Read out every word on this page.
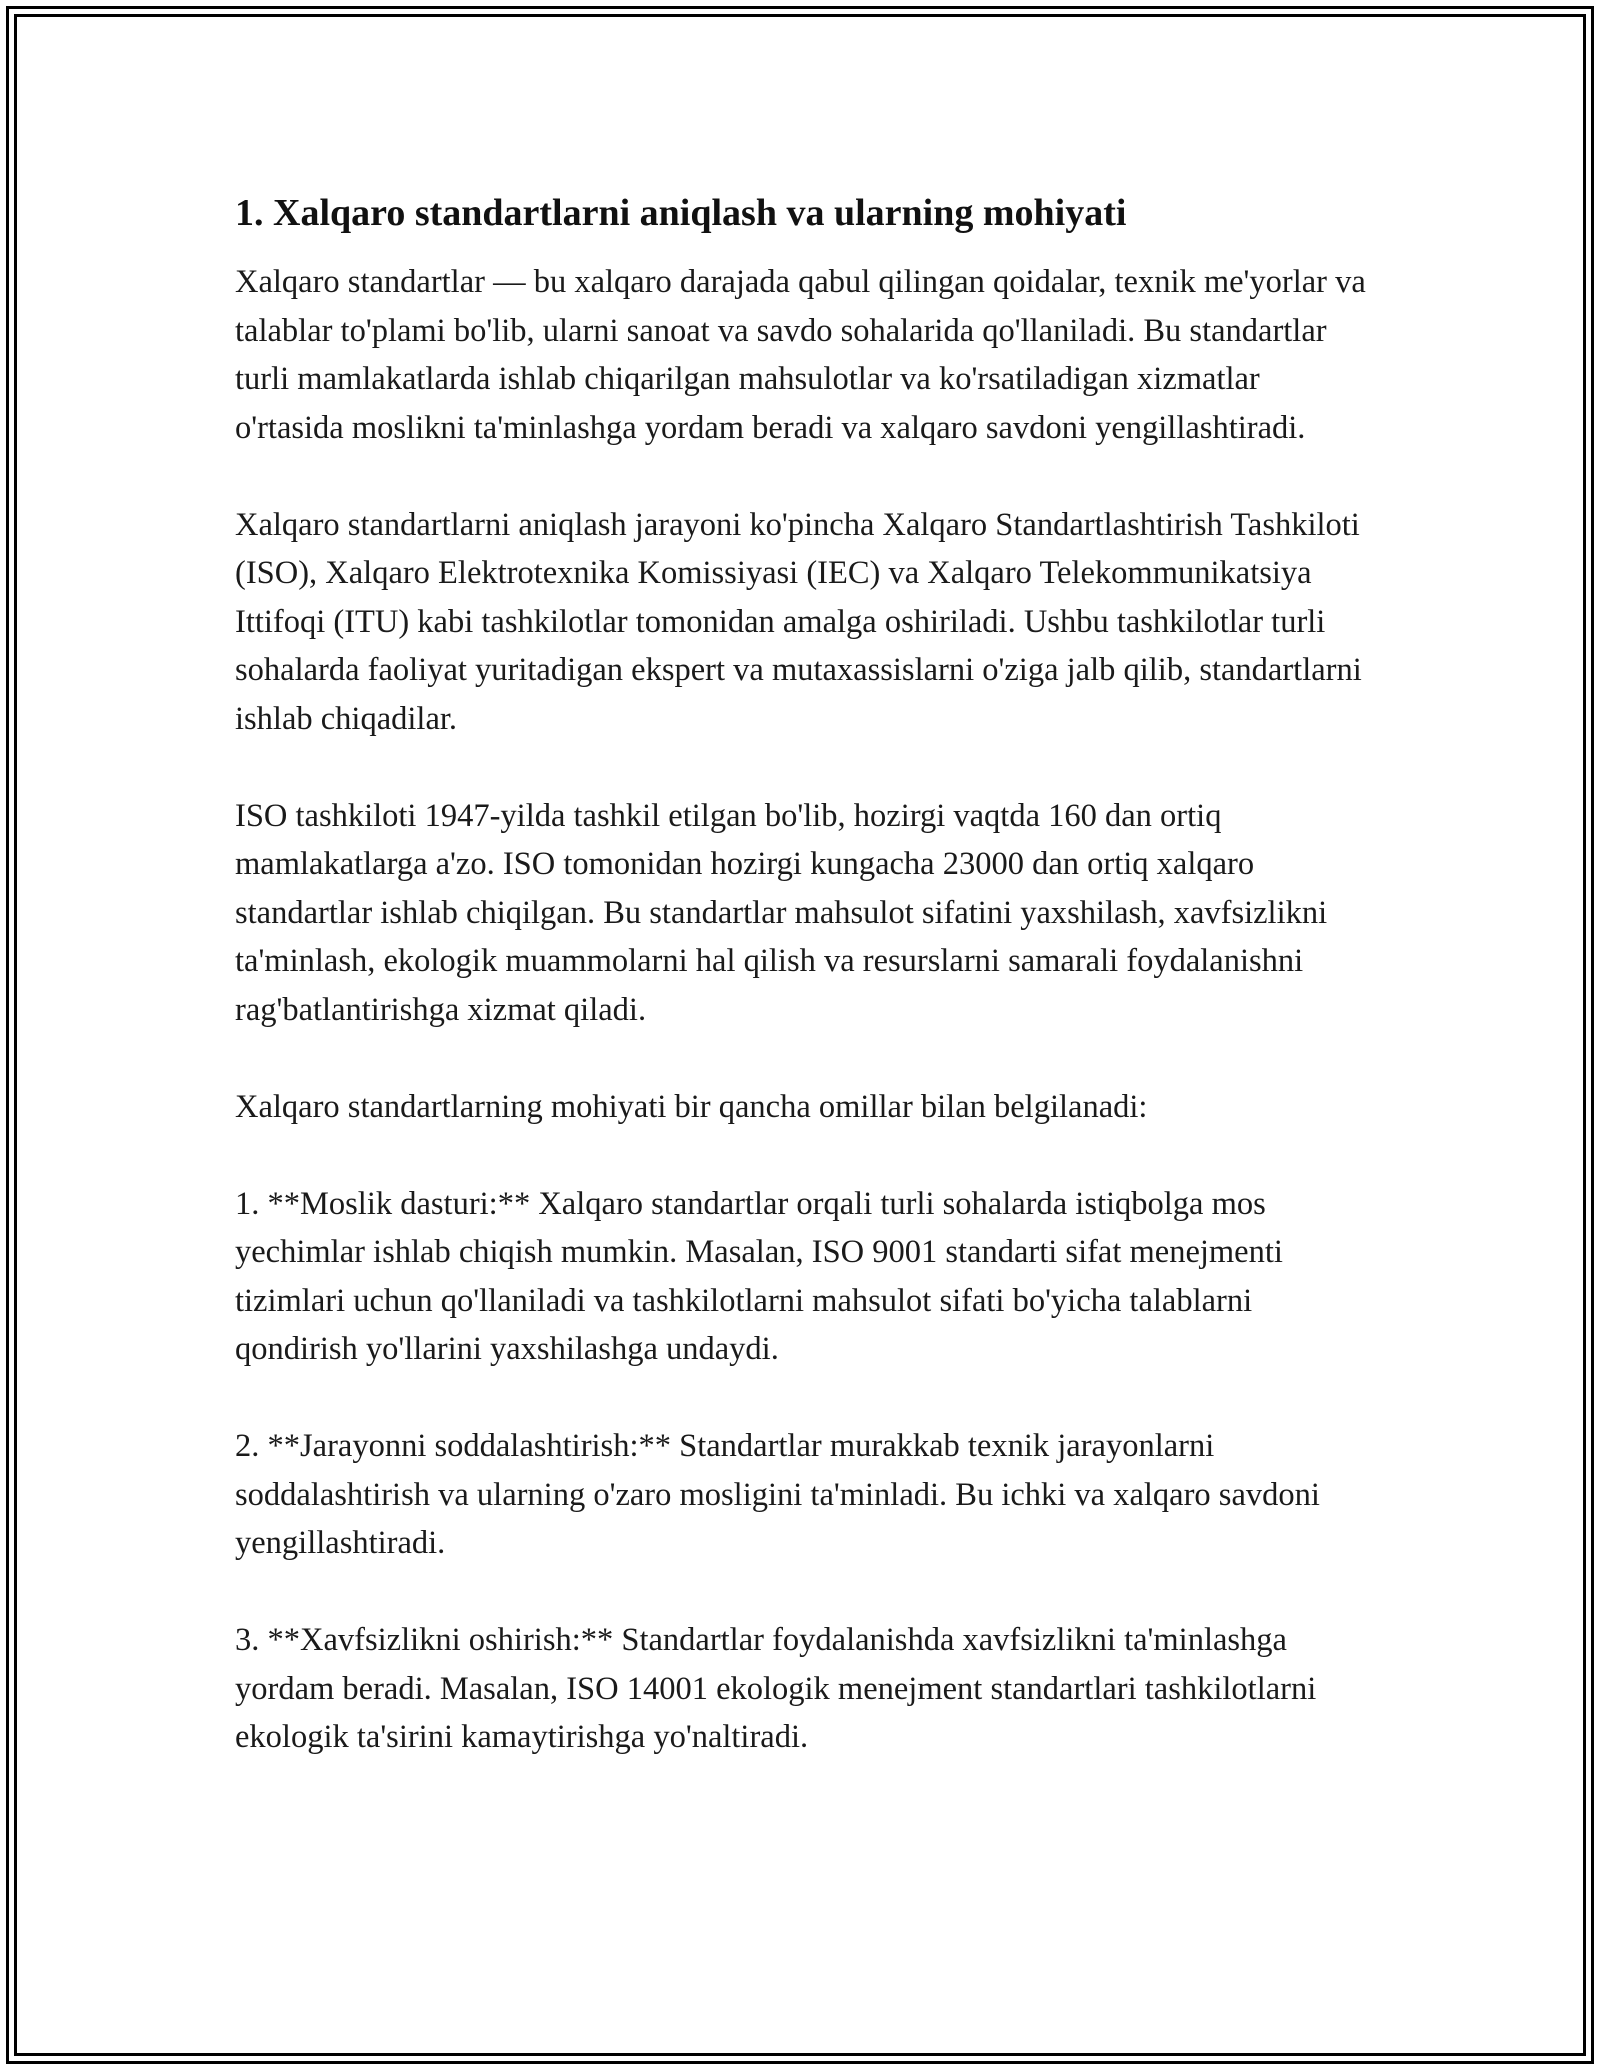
1. Xalqaro standartlarni aniqlash va ularning mohiyati

Xalqaro standartlar — bu xalqaro darajada qabul qilingan qoidalar, texnik me'yorlar va talablar to'plami bo'lib, ularni sanoat va savdo sohalarida qo'llaniladi. Bu standartlar turli mamlakatlarda ishlab chiqarilgan mahsulotlar va ko'rsatiladigan xizmatlar o'rtasida moslikni ta'minlashga yordam beradi va xalqaro savdoni yengillashtiradi.

Xalqaro standartlarni aniqlash jarayoni ko'pincha Xalqaro Standartlashtirish Tashkiloti (ISO), Xalqaro Elektrotexnika Komissiyasi (IEC) va Xalqaro Telekommunikatsiya Ittifoqi (ITU) kabi tashkilotlar tomonidan amalga oshiriladi. Ushbu tashkilotlar turli sohalarda faoliyat yuritadigan ekspert va mutaxassislarni o'ziga jalb qilib, standartlarni ishlab chiqadilar.

ISO tashkiloti 1947-yilda tashkil etilgan bo'lib, hozirgi vaqtda 160 dan ortiq mamlakatlarga a'zo. ISO tomonidan hozirgi kungacha 23000 dan ortiq xalqaro standartlar ishlab chiqilgan. Bu standartlar mahsulot sifatini yaxshilash, xavfsizlikni ta'minlash, ekologik muammolarni hal qilish va resurslarni samarali foydalanishni rag'batlantirishga xizmat qiladi.

Xalqaro standartlarning mohiyati bir qancha omillar bilan belgilanadi:

1. **Moslik dasturi:** Xalqaro standartlar orqali turli sohalarda istiqbolga mos yechimlar ishlab chiqish mumkin. Masalan, ISO 9001 standarti sifat menejmenti tizimlari uchun qo'llaniladi va tashkilotlarni mahsulot sifati bo'yicha talablarni qondirish yo'llarini yaxshilashga undaydi.

2. **Jarayonni soddalashtirish:** Standartlar murakkab texnik jarayonlarni soddalashtirish va ularning o'zaro mosligini ta'minladi. Bu ichki va xalqaro savdoni yengillashtiradi.

3. **Xavfsizlikni oshirish:** Standartlar foydalanishda xavfsizlikni ta'minlashga yordam beradi. Masalan, ISO 14001 ekologik menejment standartlari tashkilotlarni ekologik ta'sirini kamaytirishga yo'naltiradi.
